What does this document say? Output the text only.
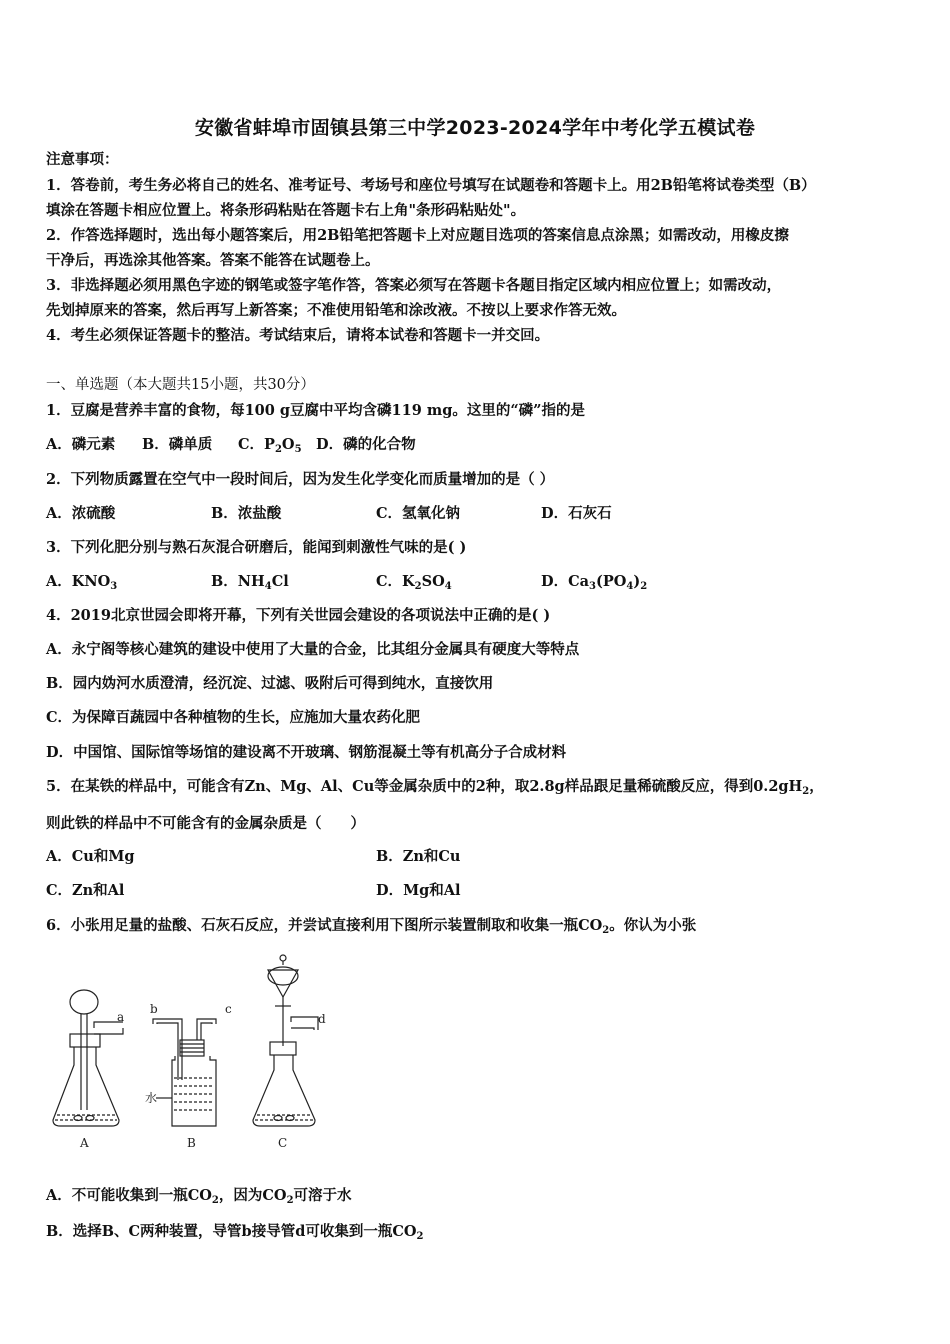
安徽省蚌埠市固镇县第三中学2023-2024学年中考化学五模试卷
注意事项：
1．答卷前，考生务必将自己的姓名、准考证号、考场号和座位号填写在试题卷和答题卡上。用2B铅笔将试卷类型（B）
填涂在答题卡相应位置上。将条形码粘贴在答题卡右上角"条形码粘贴处"。
2．作答选择题时，选出每小题答案后，用2B铅笔把答题卡上对应题目选项的答案信息点涂黑；如需改动，用橡皮擦
干净后，再选涂其他答案。答案不能答在试题卷上。
3．非选择题必须用黑色字迹的钢笔或签字笔作答，答案必须写在答题卡各题目指定区域内相应位置上；如需改动，
先划掉原来的答案，然后再写上新答案；不准使用铅笔和涂改液。不按以上要求作答无效。
4．考生必须保证答题卡的整洁。考试结束后，请将本试卷和答题卡一并交回。
一、单选题（本大题共15小题，共30分）
1．豆腐是营养丰富的食物，每100 g豆腐中平均含磷119 mg。这里的“磷”指的是
A．磷元素 B．磷单质 C．$P_2O_5$ D．磷的化合物
2．下列物质露置在空气中一段时间后，因为发生化学变化而质量增加的是（ ）
A．浓硫酸	B．浓盐酸	C．氢氧化钠	D．石灰石
3．下列化肥分别与熟石灰混合研磨后，能闻到刺激性气味的是( )
A．$KNO_3$	B．$NH_4Cl$	C．$K_2SO_4$	D．$Ca_3(PO_4)_2$
4．2019北京世园会即将开幕，下列有关世园会建设的各项说法中正确的是( )
A．永宁阁等核心建筑的建设中使用了大量的合金，比其组分金属具有硬度大等特点
B．园内妫河水质澄清，经沉淀、过滤、吸附后可得到纯水，直接饮用
C．为保障百蔬园中各种植物的生长，应施加大量农药化肥
D．中国馆、国际馆等场馆的建设离不开玻璃、钢筋混凝土等有机高分子合成材料
5．在某铁的样品中，可能含有Zn、Mg、Al、Cu等金属杂质中的2种，取2.8g样品跟足量稀硫酸反应，得到$0.2gH_2$，
则此铁的样品中不可能含有的金属杂质是（　　）
A．Cu和Mg	B．Zn和Cu
C．Zn和Al	D．Mg和Al
6．小张用足量的盐酸、石灰石反应，并尝试直接利用下图所示装置制取和收集一瓶$CO_2$。你认为小张
a
A
b	c
水
B
d
C
A．不可能收集到一瓶$CO_2$，因为$CO_2$可溶于水
B．选择B、C两种装置，导管b接导管d可收集到一瓶$CO_2$
